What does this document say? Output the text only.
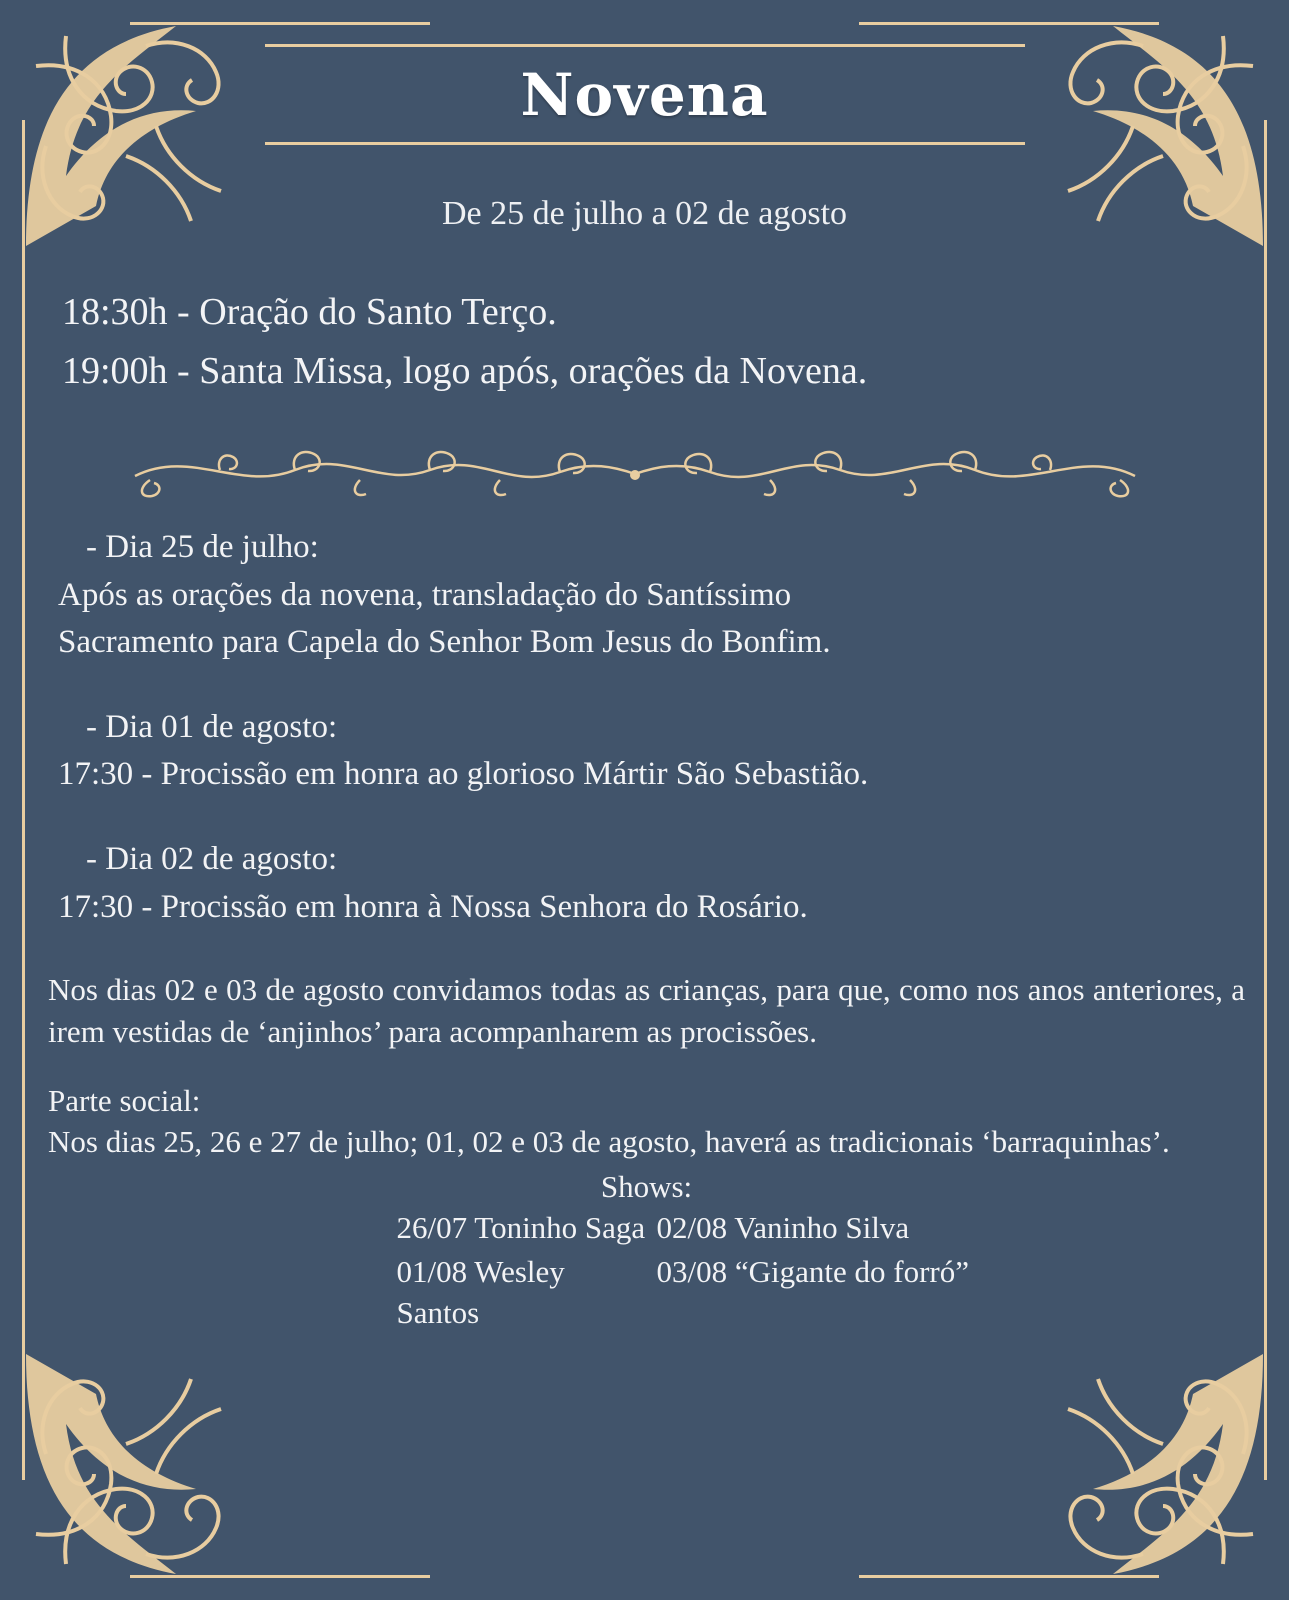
Novena
De 25 de julho a 02 de agosto
18:30h - Oração do Santo Terço.
19:00h - Santa Missa, logo após, orações da Novena.
- Dia 25 de julho:
Após as orações da novena, transladação do Santíssimo
Sacramento para Capela do Senhor Bom Jesus do Bonfim.
- Dia 01 de agosto:
17:30 - Procissão em honra ao glorioso Mártir São Sebastião.
- Dia 02 de agosto:
17:30 - Procissão em honra à Nossa Senhora do Rosário.
Nos dias 02 e 03 de agosto convidamos todas as crianças, para que, como nos anos anteriores, a irem vestidas de ‘anjinhos’ para acompanharem as procissões.
Parte social:
Nos dias 25, 26 e 27 de julho; 01, 02 e 03 de agosto, haverá as tradicionais ‘barraquinhas’.
Shows:
26/07 Toninho Saga 02/08 Vaninho Silva
01/08 Wesley Santos
03/08 “Gigante do forró”
